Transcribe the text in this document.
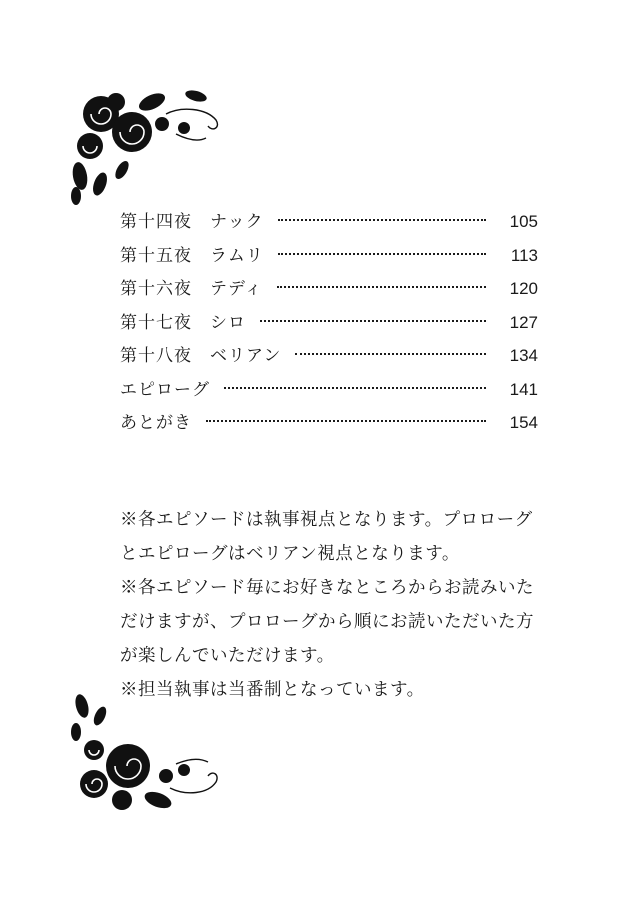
第十四夜 ナック	105
第十五夜 ラムリ	113
第十六夜 テディ	120
第十七夜 シロ	127
第十八夜 ベリアン	134
エピローグ	141
あとがき	154
※各エピソードは執事視点となります。プロローグ
とエピローグはベリアン視点となります。
※各エピソード毎にお好きなところからお読みいた
だけますが、プロローグから順にお読いただいた方
が楽しんでいただけます。
※担当執事は当番制となっています。
